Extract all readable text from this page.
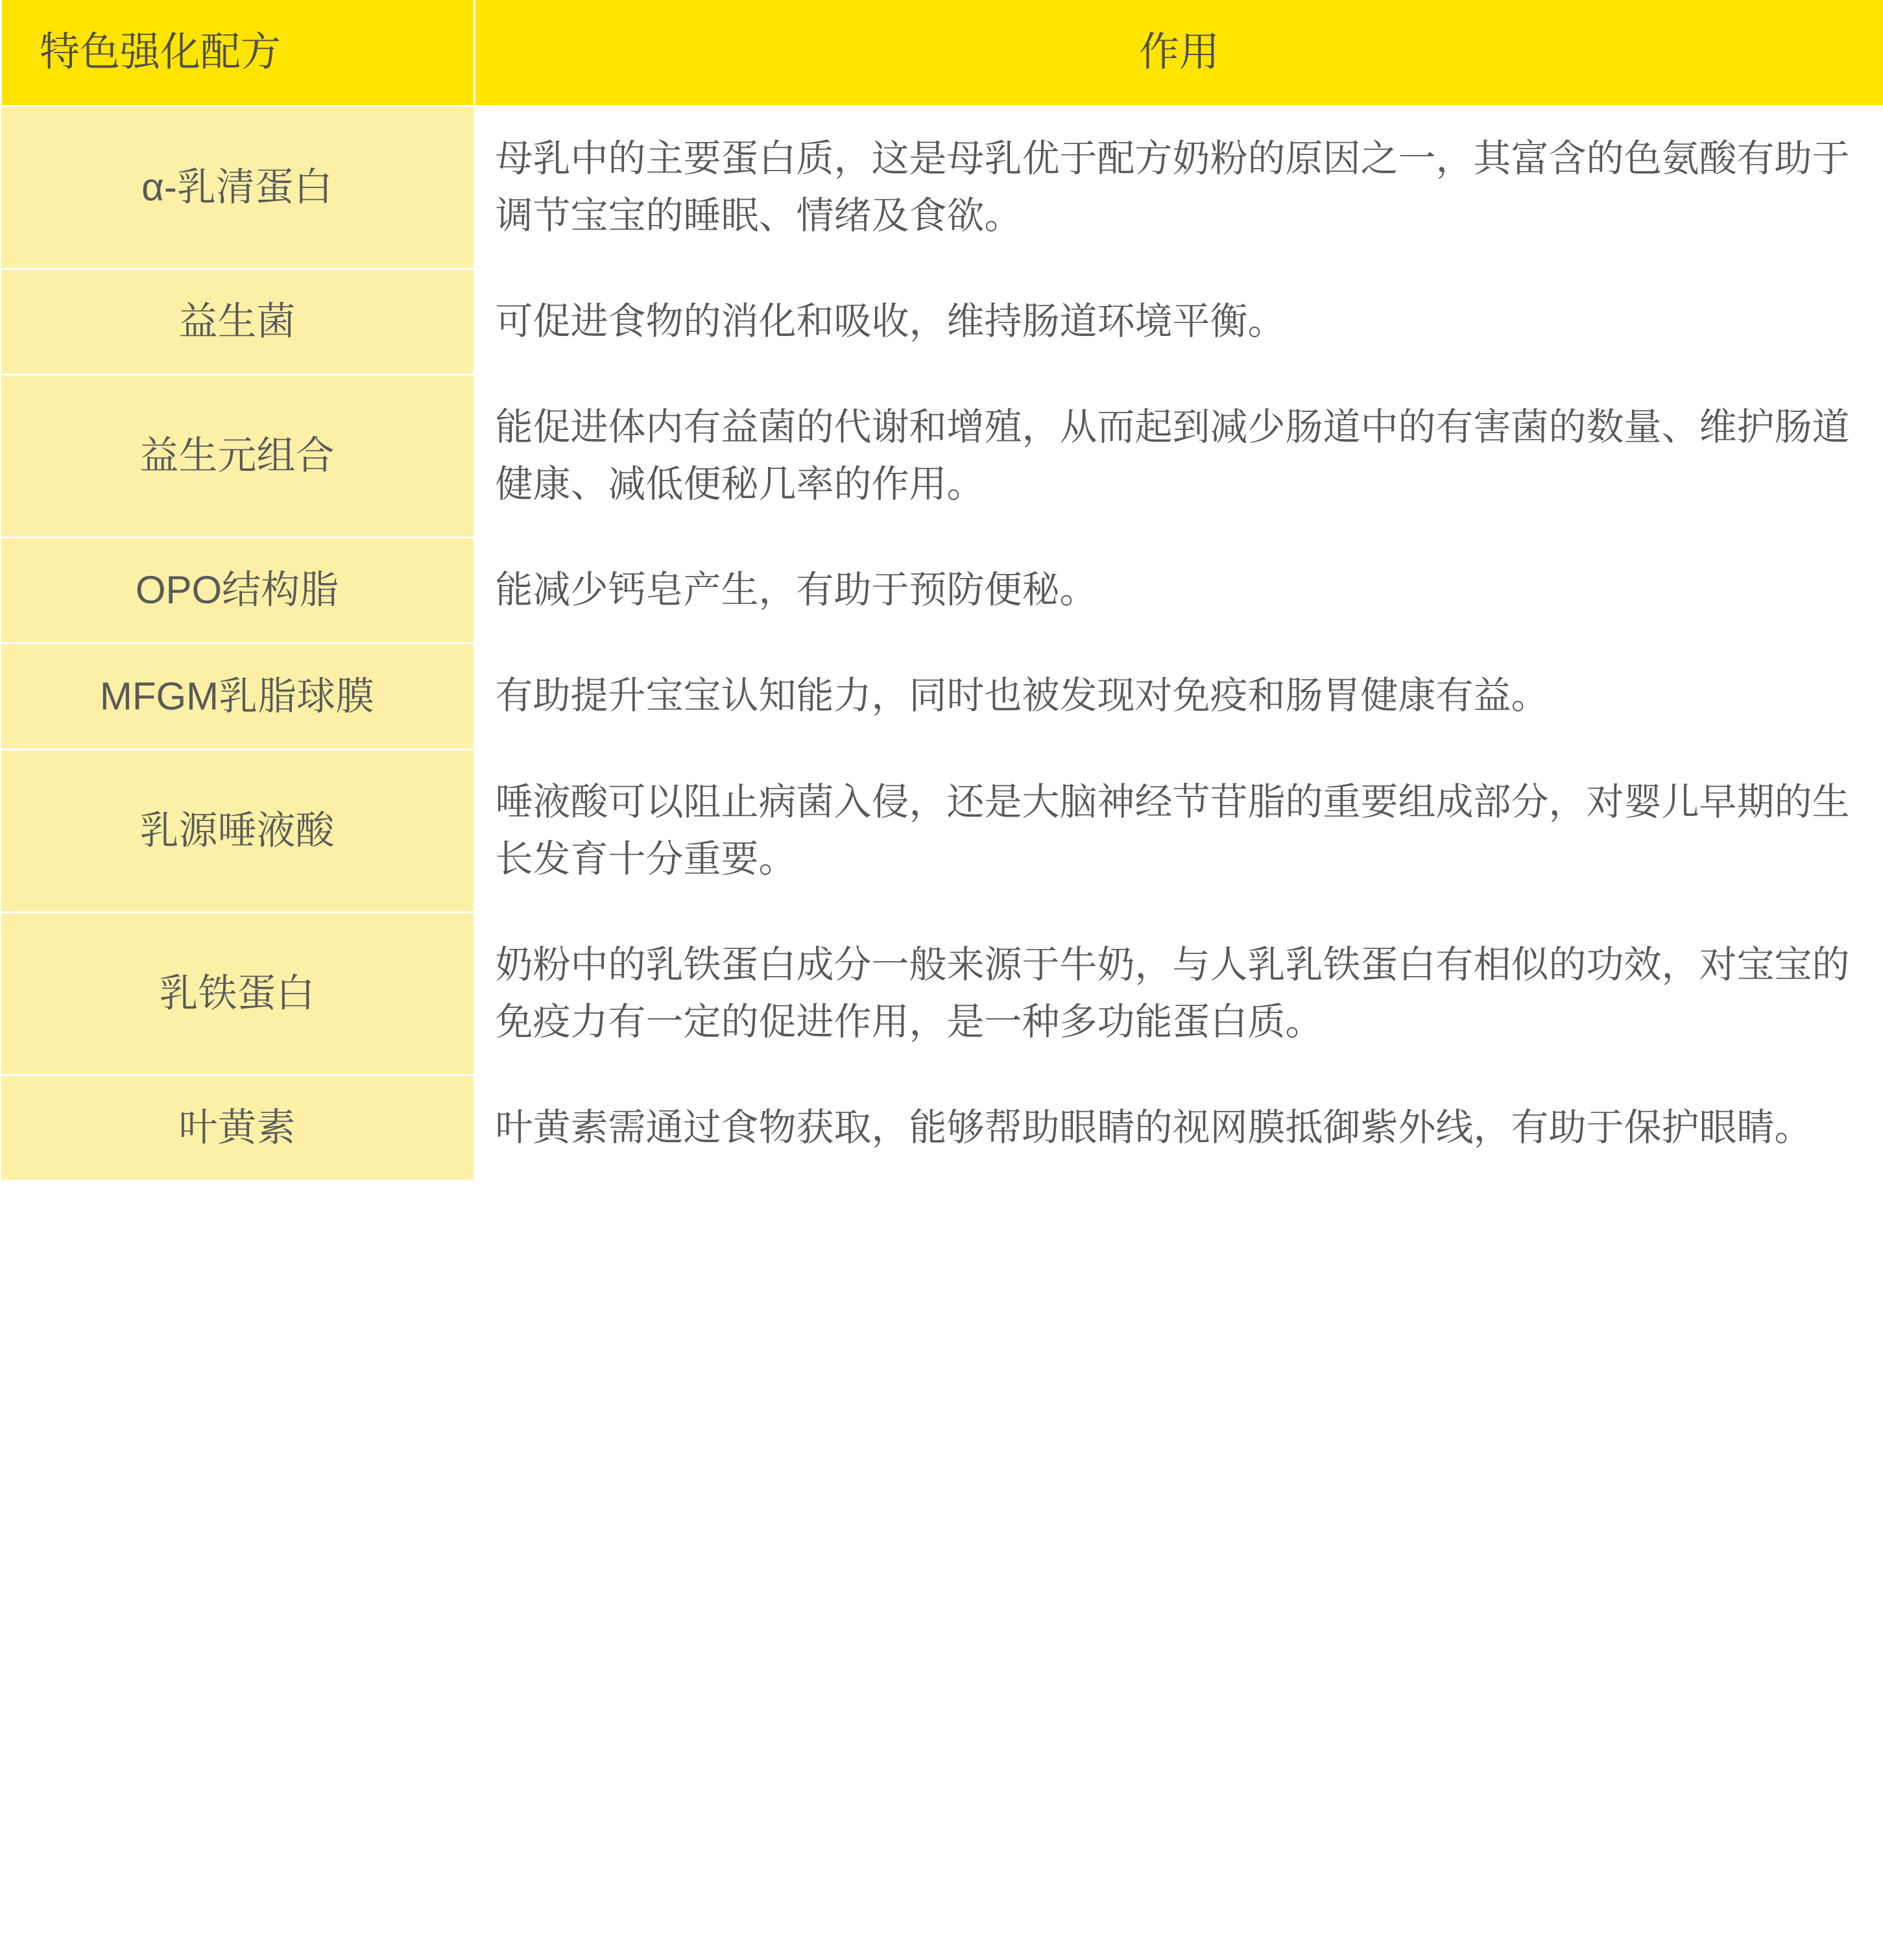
特色强化配方	作用
α-乳清蛋白	母乳中的主要蛋白质，这是母乳优于配方奶粉的原因之一，其富含的色氨酸有助于调节宝宝的睡眠、情绪及食欲。
益生菌	可促进食物的消化和吸收，维持肠道环境平衡。
益生元组合	能促进体内有益菌的代谢和增殖，从而起到减少肠道中的有害菌的数量、维护肠道健康、减低便秘几率的作用。
OPO结构脂	能减少钙皂产生，有助于预防便秘。
MFGM乳脂球膜	有助提升宝宝认知能力，同时也被发现对免疫和肠胃健康有益。
乳源唾液酸	唾液酸可以阻止病菌入侵，还是大脑神经节苷脂的重要组成部分，对婴儿早期的生长发育十分重要。
乳铁蛋白	奶粉中的乳铁蛋白成分一般来源于牛奶，与人乳乳铁蛋白有相似的功效，对宝宝的免疫力有一定的促进作用，是一种多功能蛋白质。
叶黄素	叶黄素需通过食物获取，能够帮助眼睛的视网膜抵御紫外线，有助于保护眼睛。
